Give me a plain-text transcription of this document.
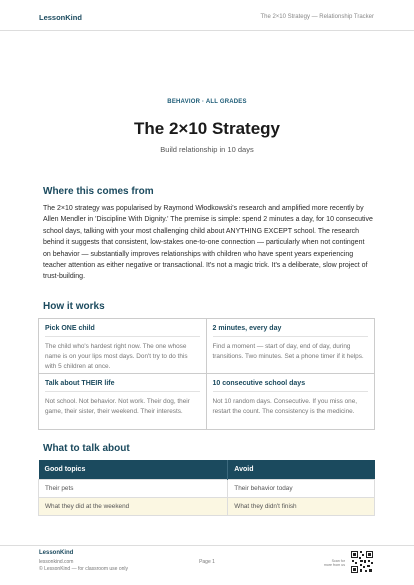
LessonKind	The 2×10 Strategy — Relationship Tracker
BEHAVIOR · ALL GRADES
The 2×10 Strategy
Build relationship in 10 days
Where this comes from
The 2×10 strategy was popularised by Raymond Włodkowski's research and amplified more recently by Allen Mendler in 'Discipline With Dignity.' The premise is simple: spend 2 minutes a day, for 10 consecutive school days, talking with your most challenging child about ANYTHING EXCEPT school. The research behind it suggests that consistent, low-stakes one-to-one connection — particularly when not contingent on behavior — substantially improves relationships with children who have spent years experiencing teacher attention as either negative or transactional. It's not a magic trick. It's a deliberate, slow project of trust-building.
How it works
Pick ONE child
The child who's hardest right now. The one whose name is on your lips most days. Don't try to do this with 5 children at once.
2 minutes, every day
Find a moment — start of day, end of day, during transitions. Two minutes. Set a phone timer if it helps.
Talk about THEIR life
Not school. Not behavior. Not work. Their dog, their game, their sister, their weekend. Their interests.
10 consecutive school days
Not 10 random days. Consecutive. If you miss one, restart the count. The consistency is the medicine.
What to talk about
Good topics	Avoid
Their pets	Their behavior today
What they did at the weekend	What they didn't finish
LessonKind
lessonkind.com
© LessonKind — for classroom use only
Page 1	Scan for
more from us
